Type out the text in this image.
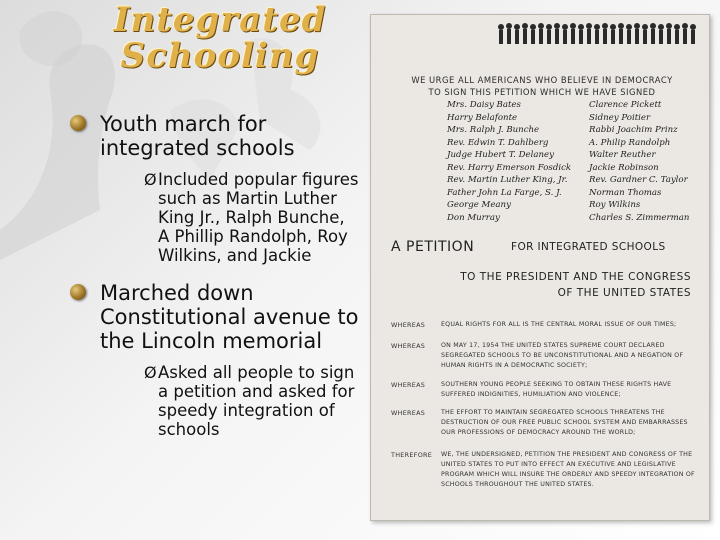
Integrated
Schooling
Youth march for integrated schools
Ø Included popular figures such as Martin Luther King Jr., Ralph Bunche, A Phillip Randolph, Roy Wilkins, and Jackie
Marched down Constitutional avenue to the Lincoln memorial
Ø Asked all people to sign a petition and asked for speedy integration of schools
WE URGE ALL AMERICANS WHO BELIEVE IN DEMOCRACY
TO SIGN THIS PETITION WHICH WE HAVE SIGNED
Mrs. Daisy Bates
Harry Belafonte
Mrs. Ralph J. Bunche
Rev. Edwin T. Dahlberg
Judge Hubert T. Delaney
Rev. Harry Emerson Fosdick
Rev. Martin Luther King, Jr.
Father John La Farge, S. J.
George Meany
Don Murray
Clarence Pickett
Sidney Poitier
Rabbi Joachim Prinz
A. Philip Randolph
Walter Reuther
Jackie Robinson
Rev. Gardner C. Taylor
Norman Thomas
Roy Wilkins
Charles S. Zimmerman
A PETITION	FOR INTEGRATED SCHOOLS
TO THE PRESIDENT AND THE CONGRESS
OF THE UNITED STATES
WHEREAS	EQUAL RIGHTS FOR ALL IS THE CENTRAL MORAL ISSUE OF OUR TIMES;
WHEREAS	ON MAY 17, 1954 THE UNITED STATES SUPREME COURT DECLARED SEGREGATED SCHOOLS TO BE UNCONSTITUTIONAL AND A NEGATION OF HUMAN RIGHTS IN A DEMOCRATIC SOCIETY;
WHEREAS	SOUTHERN YOUNG PEOPLE SEEKING TO OBTAIN THESE RIGHTS HAVE SUFFERED INDIGNITIES, HUMILIATION AND VIOLENCE;
WHEREAS	THE EFFORT TO MAINTAIN SEGREGATED SCHOOLS THREATENS THE DESTRUCTION OF OUR FREE PUBLIC SCHOOL SYSTEM AND EMBARRASSES OUR PROFESSIONS OF DEMOCRACY AROUND THE WORLD;
THEREFORE WE, THE UNDERSIGNED, PETITION THE PRESIDENT AND CONGRESS OF THE UNITED STATES TO PUT INTO EFFECT AN EXECUTIVE AND LEGISLATIVE PROGRAM WHICH WILL INSURE THE ORDERLY AND SPEEDY INTEGRATION OF SCHOOLS THROUGHOUT THE UNITED STATES.
